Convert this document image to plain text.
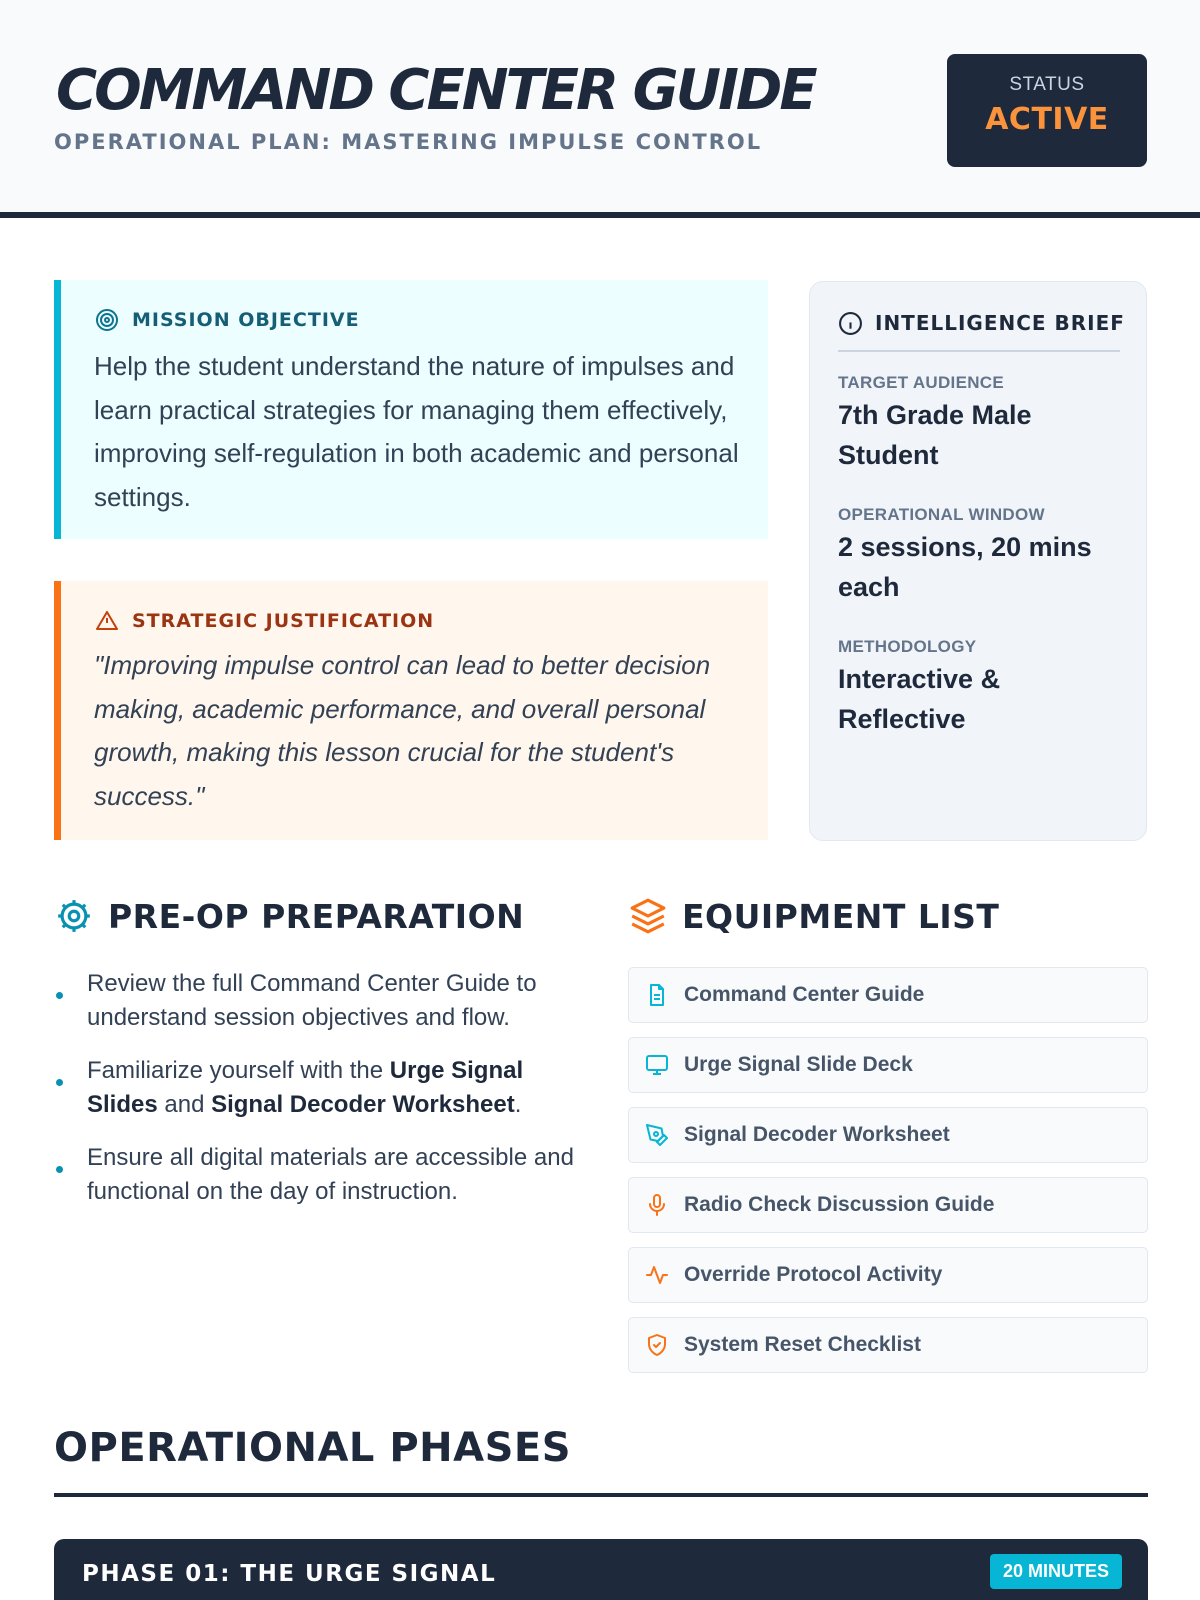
COMMAND CENTER GUIDE
OPERATIONAL PLAN: MASTERING IMPULSE CONTROL
STATUS
ACTIVE
MISSION OBJECTIVE
Help the student understand the nature of impulses and learn practical strategies for managing them effectively, improving self-regulation in both academic and personal settings.
STRATEGIC JUSTIFICATION
"Improving impulse control can lead to better decision making, academic performance, and overall personal growth, making this lesson crucial for the student's success."
INTELLIGENCE BRIEF
TARGET AUDIENCE
7th Grade Male Student
OPERATIONAL WINDOW
2 sessions, 20 mins each
METHODOLOGY
Interactive & Reflective
PRE-OP PREPARATION
Review the full Command Center Guide to understand session objectives and flow.
Familiarize yourself with the Urge Signal Slides and Signal Decoder Worksheet.
Ensure all digital materials are accessible and functional on the day of instruction.
EQUIPMENT LIST
Command Center Guide
Urge Signal Slide Deck
Signal Decoder Worksheet
Radio Check Discussion Guide
Override Protocol Activity
System Reset Checklist
OPERATIONAL PHASES
PHASE 01: THE URGE SIGNAL	20 MINUTES
